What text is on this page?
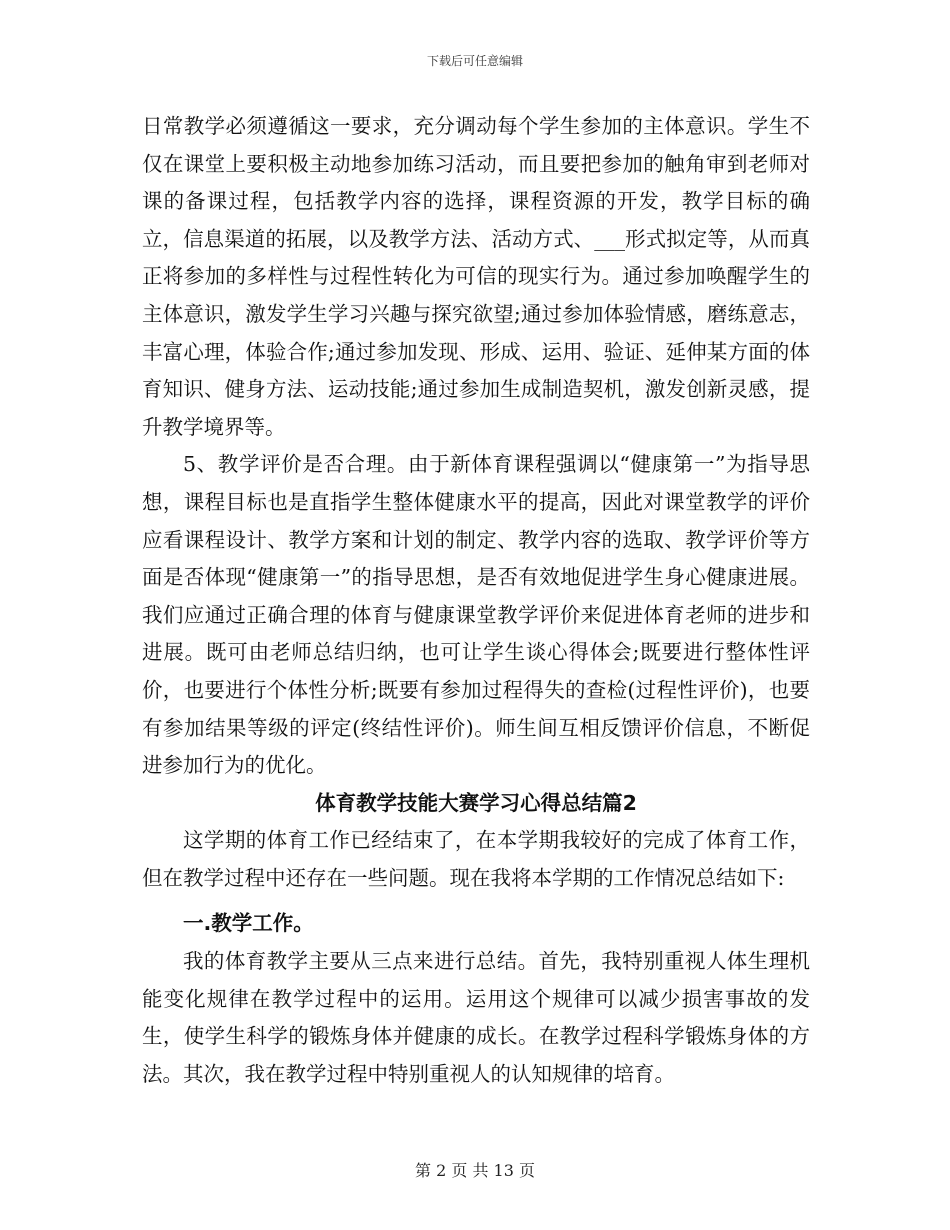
下载后可任意编辑

日常教学必须遵循这一要求，充分调动每个学生参加的主体意识。学生不仅在课堂上要积极主动地参加练习活动，而且要把参加的触角审到老师对课的备课过程，包括教学内容的选择，课程资源的开发，教学目标的确立，信息渠道的拓展，以及教学方法、活动方式、___形式拟定等，从而真正将参加的多样性与过程性转化为可信的现实行为。通过参加唤醒学生的主体意识，激发学生学习兴趣与探究欲望;通过参加体验情感，磨练意志，丰富心理，体验合作;通过参加发现、形成、运用、验证、延伸某方面的体育知识、健身方法、运动技能;通过参加生成制造契机，激发创新灵感，提升教学境界等。

5、教学评价是否合理。由于新体育课程强调以“健康第一”为指导思想，课程目标也是直指学生整体健康水平的提高，因此对课堂教学的评价应看课程设计、教学方案和计划的制定、教学内容的选取、教学评价等方面是否体现“健康第一”的指导思想，是否有效地促进学生身心健康进展。我们应通过正确合理的体育与健康课堂教学评价来促进体育老师的进步和进展。既可由老师总结归纳，也可让学生谈心得体会;既要进行整体性评价，也要进行个体性分析;既要有参加过程得失的查检(过程性评价)，也要有参加结果等级的评定(终结性评价)。师生间互相反馈评价信息，不断促进参加行为的优化。

体育教学技能大赛学习心得总结篇2

这学期的体育工作已经结束了，在本学期我较好的完成了体育工作，但在教学过程中还存在一些问题。现在我将本学期的工作情况总结如下:

一.教学工作。

我的体育教学主要从三点来进行总结。首先，我特别重视人体生理机能变化规律在教学过程中的运用。运用这个规律可以减少损害事故的发生，使学生科学的锻炼身体并健康的成长。在教学过程科学锻炼身体的方法。其次，我在教学过程中特别重视人的认知规律的培育。

第 2 页 共 13 页
